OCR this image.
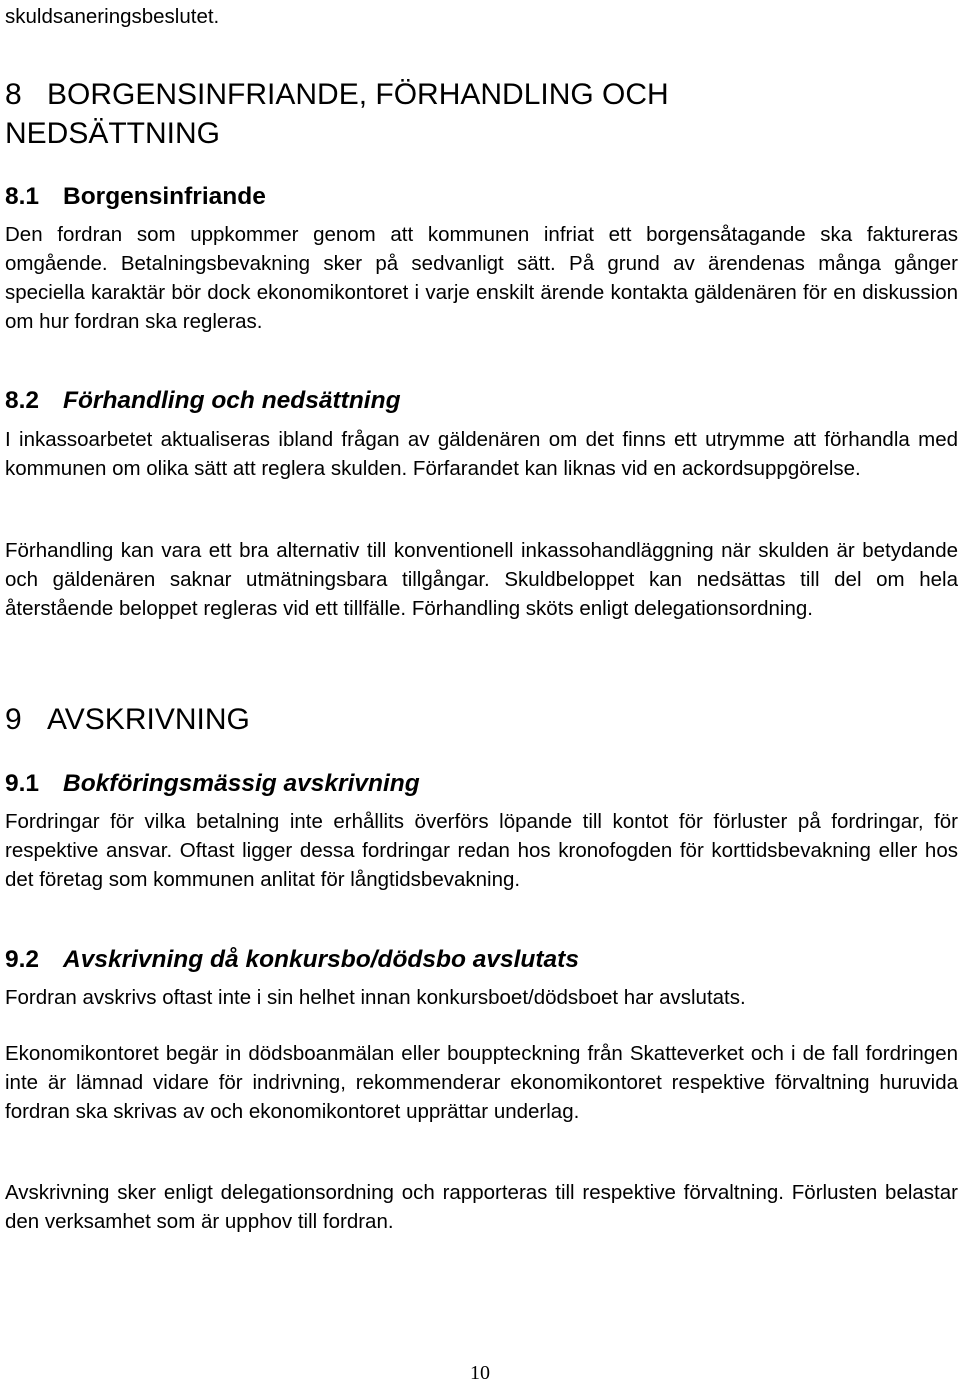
skuldsaneringsbeslutet.
8 BORGENSINFRIANDE, FÖRHANDLING OCH
NEDSÄTTNING
8.1 Borgensinfriande

Den fordran som uppkommer genom att kommunen infriat ett borgensåtagande ska faktureras omgående. Betalningsbevakning sker på sedvanligt sätt. På grund av ärendenas många gånger speciella karaktär bör dock ekonomikontoret i varje enskilt ärende kontakta gäldenären för en diskussion om hur fordran ska regleras.

8.2 Förhandling och nedsättning

I inkassoarbetet aktualiseras ibland frågan av gäldenären om det finns ett utrymme att förhandla med kommunen om olika sätt att reglera skulden. Förfarandet kan liknas vid en ackordsuppgörelse.

Förhandling kan vara ett bra alternativ till konventionell inkassohandläggning när skulden är betydande och gäldenären saknar utmätningsbara tillgångar. Skuldbeloppet kan nedsättas till del om hela återstående beloppet regleras vid ett tillfälle. Förhandling sköts enligt delegationsordning.

9 AVSKRIVNING
9.1 Bokföringsmässig avskrivning

Fordringar för vilka betalning inte erhållits överförs löpande till kontot för förluster på fordringar, för respektive ansvar. Oftast ligger dessa fordringar redan hos kronofogden för korttidsbevakning eller hos det företag som kommunen anlitat för långtidsbevakning.

9.2 Avskrivning då konkursbo/dödsbo avslutats

Fordran avskrivs oftast inte i sin helhet innan konkursboet/dödsboet har avslutats.

Ekonomikontoret begär in dödsboanmälan eller bouppteckning från Skatteverket och i de fall fordringen inte är lämnad vidare för indrivning, rekommenderar ekonomikontoret respektive förvaltning huruvida fordran ska skrivas av och ekonomikontoret upprättar underlag.

Avskrivning sker enligt delegationsordning och rapporteras till respektive förvaltning. Förlusten belastar den verksamhet som är upphov till fordran.

10
